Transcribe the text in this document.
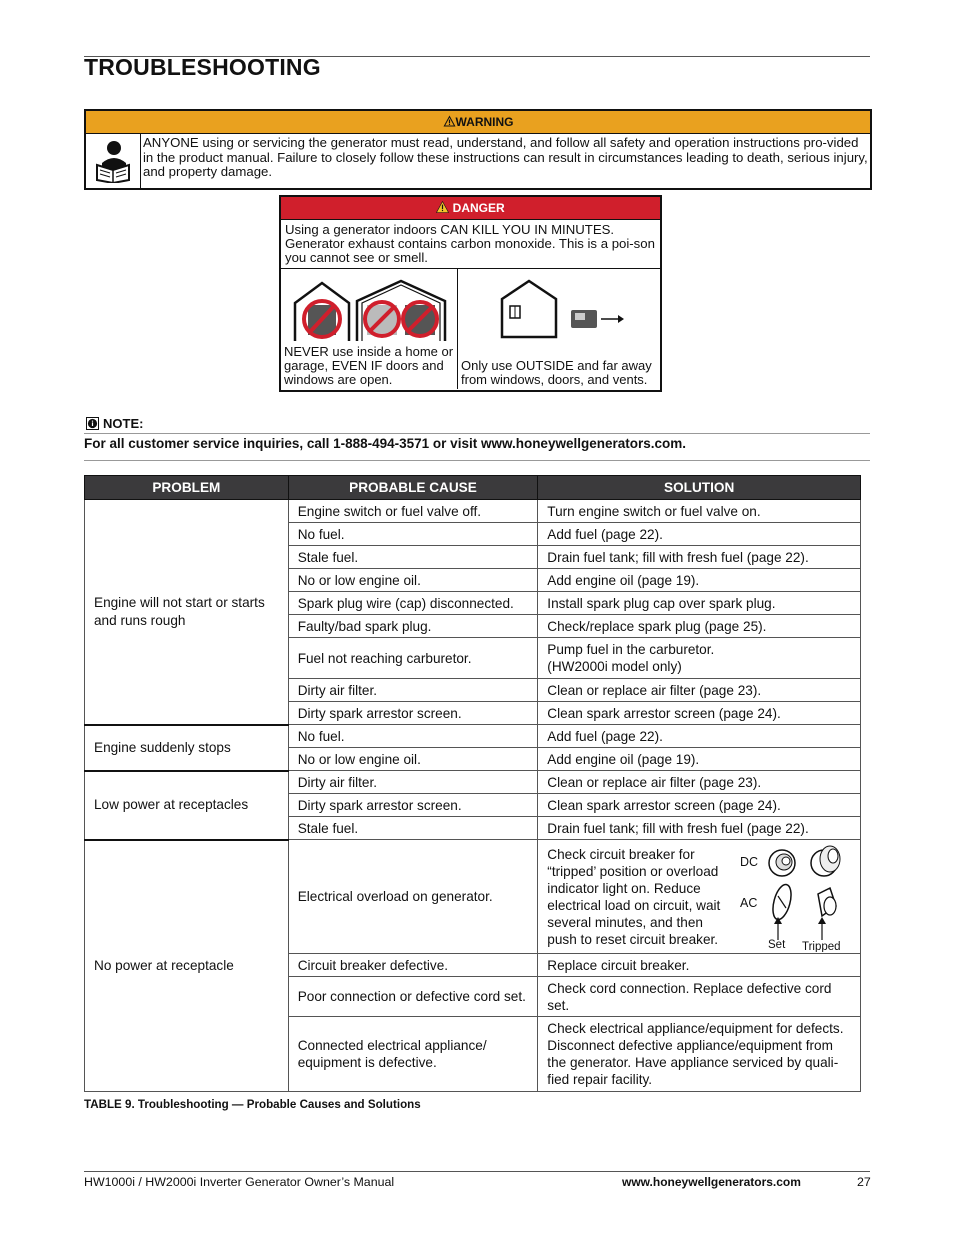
TROUBLESHOOTING
WARNING
ANYONE using or servicing the generator must read, understand, and follow all safety and operation instructions pro-vided in the product manual. Failure to closely follow these instructions can result in circumstances leading to death, serious injury, and property damage.
DANGER
Using a generator indoors CAN KILL YOU IN MINUTES. Generator exhaust contains carbon monoxide. This is a poi-son you cannot see or smell.
NEVER use inside a home or garage, EVEN IF doors and windows are open.
Only use OUTSIDE and far away from windows, doors, and vents.
NOTE:
For all customer service inquiries, call 1-888-494-3571 or visit www.honeywellgenerators.com.
PROBLEM	PROBABLE CAUSE	SOLUTION
Engine will not start or starts and runs rough	Engine switch or fuel valve off.	Turn engine switch or fuel valve on.
	No fuel.	Add fuel (page 22).
	Stale fuel.	Drain fuel tank; fill with fresh fuel (page 22).
	No or low engine oil.	Add engine oil (page 19).
	Spark plug wire (cap) disconnected.	Install spark plug cap over spark plug.
	Faulty/bad spark plug.	Check/replace spark plug (page 25).
	Fuel not reaching carburetor.	Pump fuel in the carburetor.
(HW2000i model only)

	Dirty air filter.	Clean or replace air filter (page 23).
	Dirty spark arrestor screen.	Clean spark arrestor screen (page 24).
Engine suddenly stops	No fuel.	Add fuel (page 22).
	No or low engine oil.	Add engine oil (page 19).
Low power at receptacles	Dirty air filter.	Clean or replace air filter (page 23).
	Dirty spark arrestor screen.	Clean spark arrestor screen (page 24).
	Stale fuel.	Drain fuel tank; fill with fresh fuel (page 22).
No power at receptacle	Electrical overload on generator.	Check circuit breaker for “tripped’ position or overload indicator light on. Reduce electrical load on circuit, wait several minutes, and then push to reset circuit breaker.
DC
AC
Set Tripped

	Circuit breaker defective.	Replace circuit breaker.
	Poor connection or defective cord set.	Check cord connection. Replace defective cord set.
	Connected electrical appliance/ equipment is defective.	Check electrical appliance/equipment for defects. Disconnect defective appliance/equipment from the generator. Have appliance serviced by quali-fied repair facility.
TABLE 9. Troubleshooting — Probable Causes and Solutions
HW1000i / HW2000i Inverter Generator Owner’s Manual	www.honeywellgenerators.com	27
